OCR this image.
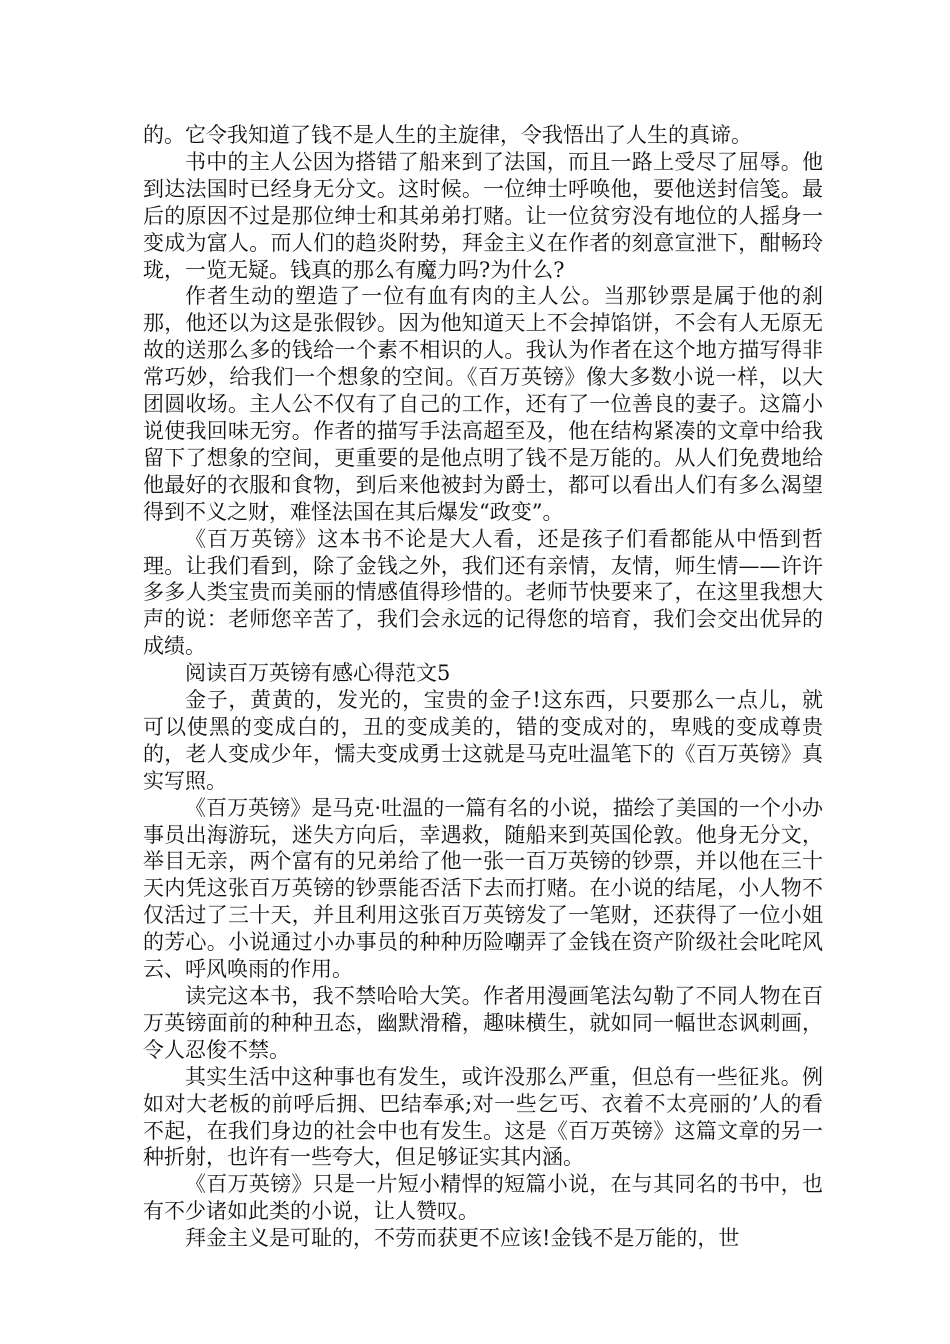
的。它令我知道了钱不是人生的主旋律，令我悟出了人生的真谛。

书中的主人公因为搭错了船来到了法国，而且一路上受尽了屈辱。他到达法国时已经身无分文。这时候。一位绅士呼唤他，要他送封信笺。最后的原因不过是那位绅士和其弟弟打赌。让一位贫穷没有地位的人摇身一变成为富人。而人们的趋炎附势，拜金主义在作者的刻意宣泄下，酣畅玲珑，一览无疑。钱真的那么有魔力吗?为什么?

作者生动的塑造了一位有血有肉的主人公。当那钞票是属于他的刹那，他还以为这是张假钞。因为他知道天上不会掉馅饼，不会有人无原无故的送那么多的钱给一个素不相识的人。我认为作者在这个地方描写得非常巧妙，给我们一个想象的空间。《百万英镑》像大多数小说一样，以大团圆收场。主人公不仅有了自己的工作，还有了一位善良的妻子。这篇小说使我回味无穷。作者的描写手法高超至及，他在结构紧凑的文章中给我留下了想象的空间，更重要的是他点明了钱不是万能的。从人们免费地给他最好的衣服和食物，到后来他被封为爵士，都可以看出人们有多么渴望得到不义之财，难怪法国在其后爆发“政变”。

《百万英镑》这本书不论是大人看，还是孩子们看都能从中悟到哲理。让我们看到，除了金钱之外，我们还有亲情，友情，师生情——许许多多人类宝贵而美丽的情感值得珍惜的。老师节快要来了，在这里我想大声的说：老师您辛苦了，我们会永远的记得您的培育，我们会交出优异的成绩。

阅读百万英镑有感心得范文5

金子，黄黄的，发光的，宝贵的金子!这东西，只要那么一点儿，就可以使黑的变成白的，丑的变成美的，错的变成对的，卑贱的变成尊贵的，老人变成少年，懦夫变成勇士这就是马克吐温笔下的《百万英镑》真实写照。

《百万英镑》是马克·吐温的一篇有名的小说，描绘了美国的一个小办事员出海游玩，迷失方向后，幸遇救，随船来到英国伦敦。他身无分文，举目无亲，两个富有的兄弟给了他一张一百万英镑的钞票，并以他在三十天内凭这张百万英镑的钞票能否活下去而打赌。在小说的结尾，小人物不仅活过了三十天，并且利用这张百万英镑发了一笔财，还获得了一位小姐的芳心。小说通过小办事员的种种历险嘲弄了金钱在资产阶级社会叱咤风云、呼风唤雨的作用。

读完这本书，我不禁哈哈大笑。作者用漫画笔法勾勒了不同人物在百万英镑面前的种种丑态，幽默滑稽，趣味横生，就如同一幅世态讽刺画，令人忍俊不禁。

其实生活中这种事也有发生，或许没那么严重，但总有一些征兆。例如对大老板的前呼后拥、巴结奉承;对一些乞丐、衣着不太亮丽的’人的看不起，在我们身边的社会中也有发生。这是《百万英镑》这篇文章的另一种折射，也许有一些夸大，但足够证实其内涵。

《百万英镑》只是一片短小精悍的短篇小说，在与其同名的书中，也有不少诸如此类的小说，让人赞叹。

拜金主义是可耻的，不劳而获更不应该!金钱不是万能的，世
